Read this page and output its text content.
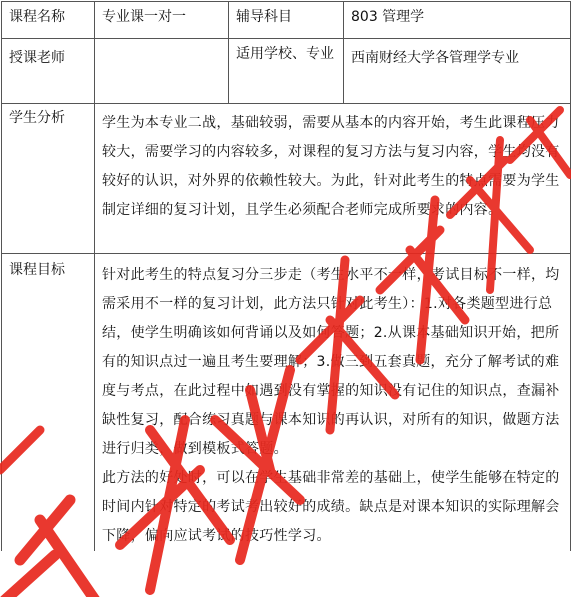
课程名称	专业课一对一	辅导科目	803 管理学
授课老师		适用学校、专业	西南财经大学各管理学专业
学生分析	学生为本专业二战，基础较弱，需要从基本的内容开始，考生此课程压力较大，需要学习的内容较多，对课程的复习方法与复习内容，学生均没有较好的认识，对外界的依赖性较大。为此，针对此考生的特点需要为学生制定详细的复习计划，且学生必须配合老师完成所要求的内容。		

课程目标	针对此考生的特点复习分三步走（考生水平不一样，考试目标不一样，均需采用不一样的复习计划，此方法只针对此考生）：1.对各类题型进行总结，使学生明确该如何背诵以及如何答题；2.从课本基础知识开始，把所有的知识点过一遍且考生要理解；3.做三到五套真题，充分了解考试的难度与考点，在此过程中如遇到没有掌握的知识没有记住的知识点，查漏补缺性复习，配合练习真题与课本知识的再认识，对所有的知识，做题方法进行归类，做到模板式答题。

此方法的好处时，可以在学生基础非常差的基础上，使学生能够在特定的时间内针对特定的考试考出较好的成绩。缺点是对课本知识的实际理解会下降，偏向应试考试的技巧性学习。		
